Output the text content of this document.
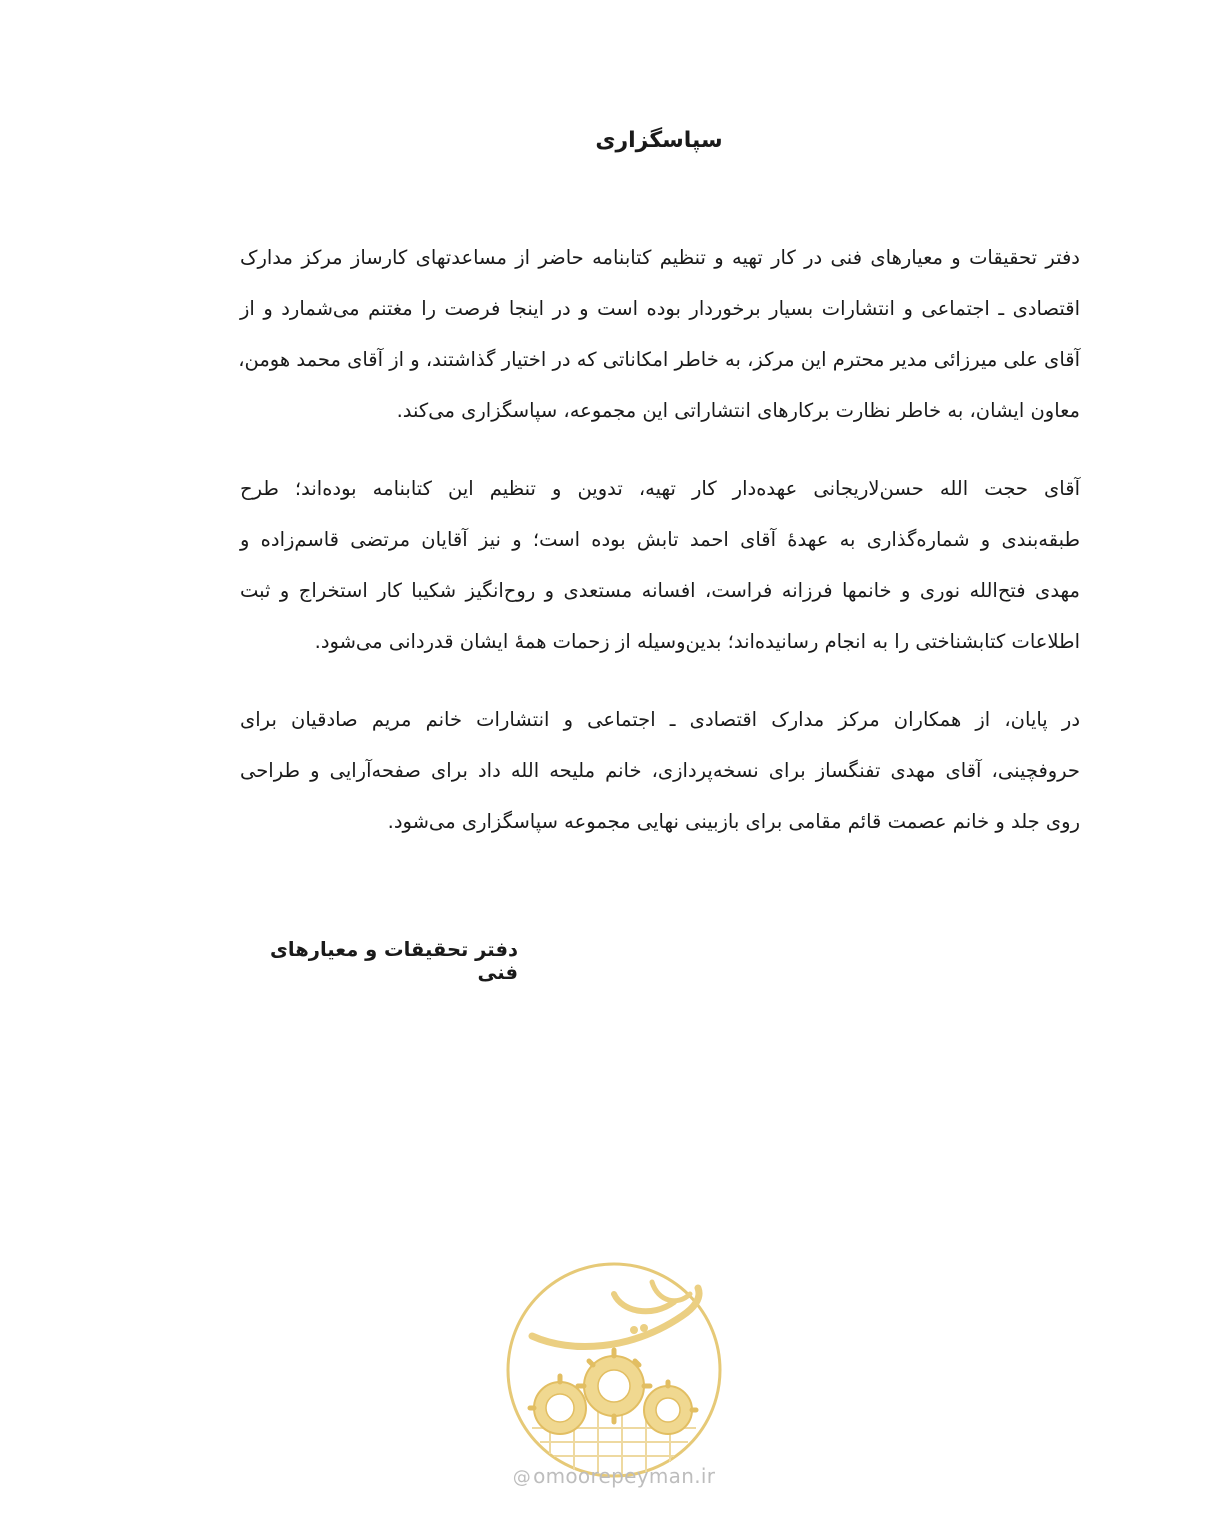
سپاسگزاری
دفتر تحقیقات و معیارهای فنی در کار تهیه و تنظیم کتابنامه حاضر از مساعدتهای کارساز مرکز مدارک
اقتصادی ـ اجتماعی و انتشارات بسیار برخوردار بوده است و در اینجا فرصت را مغتنم می‌شمارد و از
آقای علی میرزائی مدیر محترم این مرکز، به خاطر امکاناتی که در اختیار گذاشتند، و از آقای محمد هومن،
معاون ایشان، به خاطر نظارت برکارهای انتشاراتی این مجموعه، سپاسگزاری می‌کند.
آقای حجت الله حسن‌لاریجانی عهده‌دار کار تهیه، تدوین و تنظیم این کتابنامه بوده‌اند؛ طرح
طبقه‌بندی و شماره‌گذاری به عهدهٔ آقای احمد تابش بوده است؛ و نیز آقایان مرتضی قاسم‌زاده و
مهدی فتح‌الله نوری و خانمها فرزانه فراست، افسانه مستعدی و روح‌انگیز شکیبا کار استخراج و ثبت
اطلاعات کتابشناختی را به انجام رسانیده‌اند؛ بدین‌وسیله از زحمات همهٔ ایشان قدردانی می‌شود.
در پایان، از همکاران مرکز مدارک اقتصادی ـ اجتماعی و انتشارات خانم مریم صادقیان برای
حروفچینی، آقای مهدی تفنگساز برای نسخه‌پردازی، خانم ملیحه الله داد برای صفحه‌آرایی و طراحی
روی جلد و خانم عصمت قائم مقامی برای بازبینی نهایی مجموعه سپاسگزاری می‌شود.
دفتر تحقیقات و معیارهای فنی
@ omoorepeyman.ir
